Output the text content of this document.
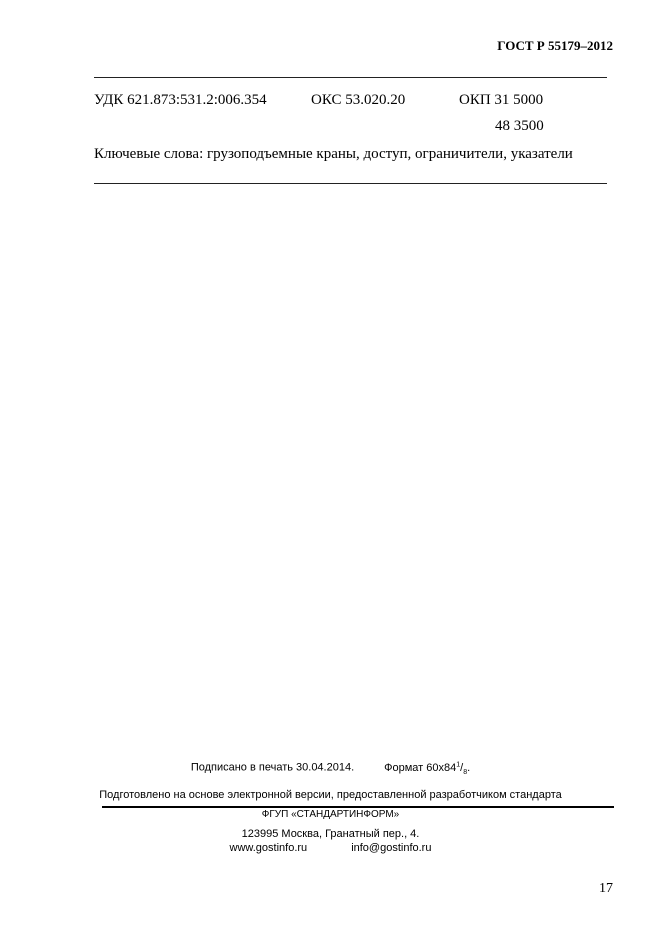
ГОСТ Р 55179–2012
УДК 621.873:531.2:006.354	ОКС 53.020.20	ОКП 31 5000
48 3500
Ключевые слова: грузоподъемные краны, доступ, ограничители, указатели
Подписано в печать 30.04.2014.	Формат $60x84^1/_8$.
Подготовлено на основе электронной версии, предоставленной разработчиком стандарта
ФГУП «СТАНДАРТИНФОРМ»
123995 Москва, Гранатный пер., 4.
www.gostinfo.ru	info@gostinfo.ru
17
